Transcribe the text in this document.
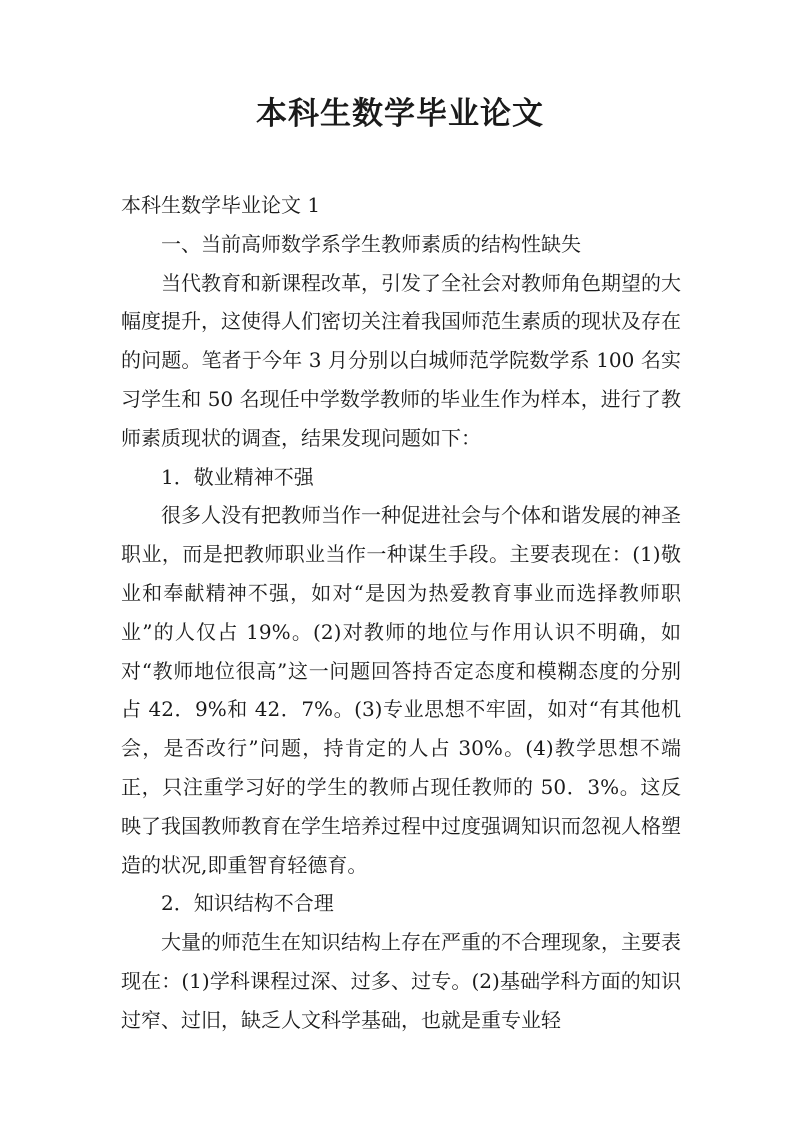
本科生数学毕业论文

本科生数学毕业论文 1

一、当前高师数学系学生教师素质的结构性缺失

当代教育和新课程改革，引发了全社会对教师角色期望的大幅度提升，这使得人们密切关注着我国师范生素质的现状及存在的问题。笔者于今年 3 月分别以白城师范学院数学系 100 名实习学生和 50 名现任中学数学教师的毕业生作为样本，进行了教师素质现状的调查，结果发现问题如下：

1．敬业精神不强

很多人没有把教师当作一种促进社会与个体和谐发展的神圣职业，而是把教师职业当作一种谋生手段。主要表现在：(1)敬业和奉献精神不强，如对“是因为热爱教育事业而选择教师职业”的人仅占 19%。(2)对教师的地位与作用认识不明确，如对“教师地位很高”这一问题回答持否定态度和模糊态度的分别占 42．9%和 42．7%。(3)专业思想不牢固，如对“有其他机会，是否改行”问题，持肯定的人占 30%。(4)教学思想不端正，只注重学习好的学生的教师占现任教师的 50．3%。这反映了我国教师教育在学生培养过程中过度强调知识而忽视人格塑造的状况,即重智育轻德育。

2．知识结构不合理

大量的师范生在知识结构上存在严重的不合理现象，主要表现在：(1)学科课程过深、过多、过专。(2)基础学科方面的知识过窄、过旧，缺乏人文科学基础，也就是重专业轻
